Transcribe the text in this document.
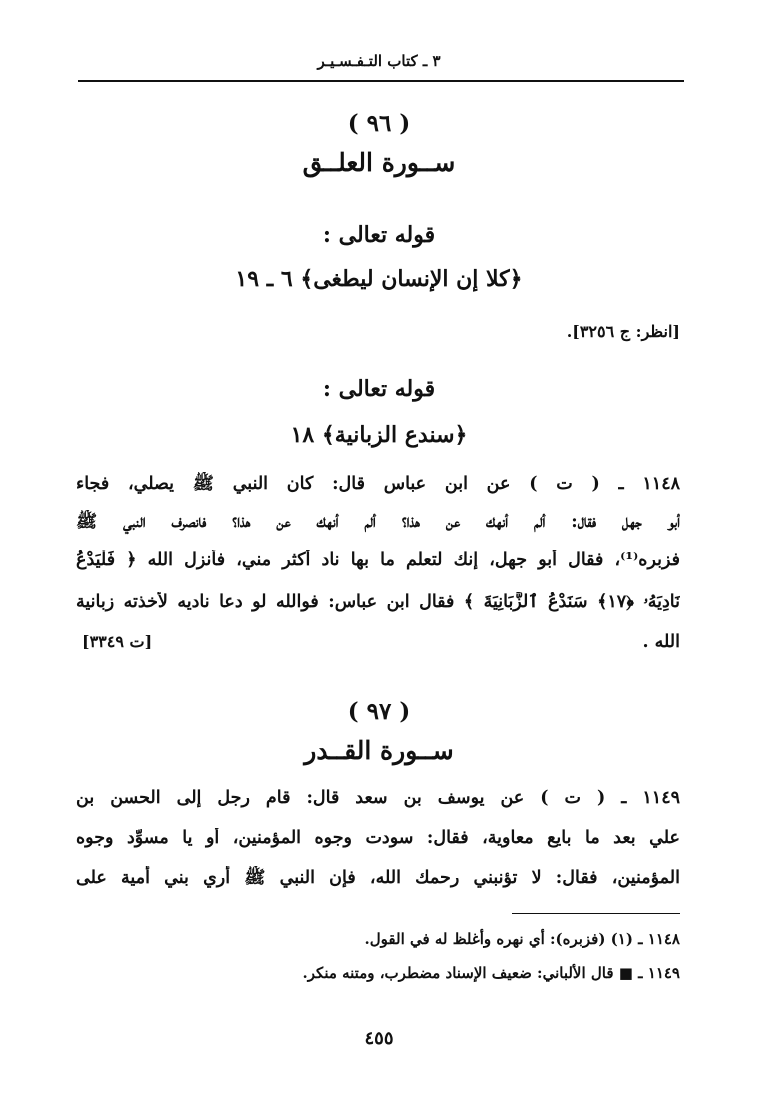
٣ ـ كتاب التـفـسـيـر
( ٩٦ )
ســورة العلــق
قوله تعالى :
﴿كلا إن الإنسان ليطغى﴾ ٦ ـ ١٩
[انظر: ج ٣٢٥٦].
قوله تعالى :
﴿سندع الزبانية﴾ ١٨
١١٤٨ ـ ( ت ) عن ابن عباس قال: كان النبي ﷺ يصلي، فجاء
أبو جهل فقال: ألم أنهك عن هذا؟ ألم أنهك عن هذا؟ فانصرف النبي ﷺ
فزبره⁽¹⁾، فقال أبو جهل، إنك لتعلم ما بها ناد أكثر مني، فأنزل الله ﴿ فَلْيَدْعُ
نَادِيَهُۥ ﴿١٧﴾ سَنَدْعُ ٱلزَّبَانِيَةَ ﴾ فقال ابن عباس: فوالله لو دعا ناديه لأخذته زبانية
الله .
[ت ٣٣٤٩]
( ٩٧ )
ســورة القــدر
١١٤٩ ـ ( ت ) عن يوسف بن سعد قال: قام رجل إلى الحسن بن
علي بعد ما بايع معاوية، فقال: سودت وجوه المؤمنين، أو يا مسوِّد وجوه
المؤمنين، فقال: لا تؤنبني رحمك الله، فإن النبي ﷺ أري بني أمية على
١١٤٨ ـ (١) (فزبره): أي نهره وأغلظ له في القول.
١١٤٩ ـ ■ قال الألباني: ضعيف الإسناد مضطرب، ومتنه منكر.
٤٥٥
